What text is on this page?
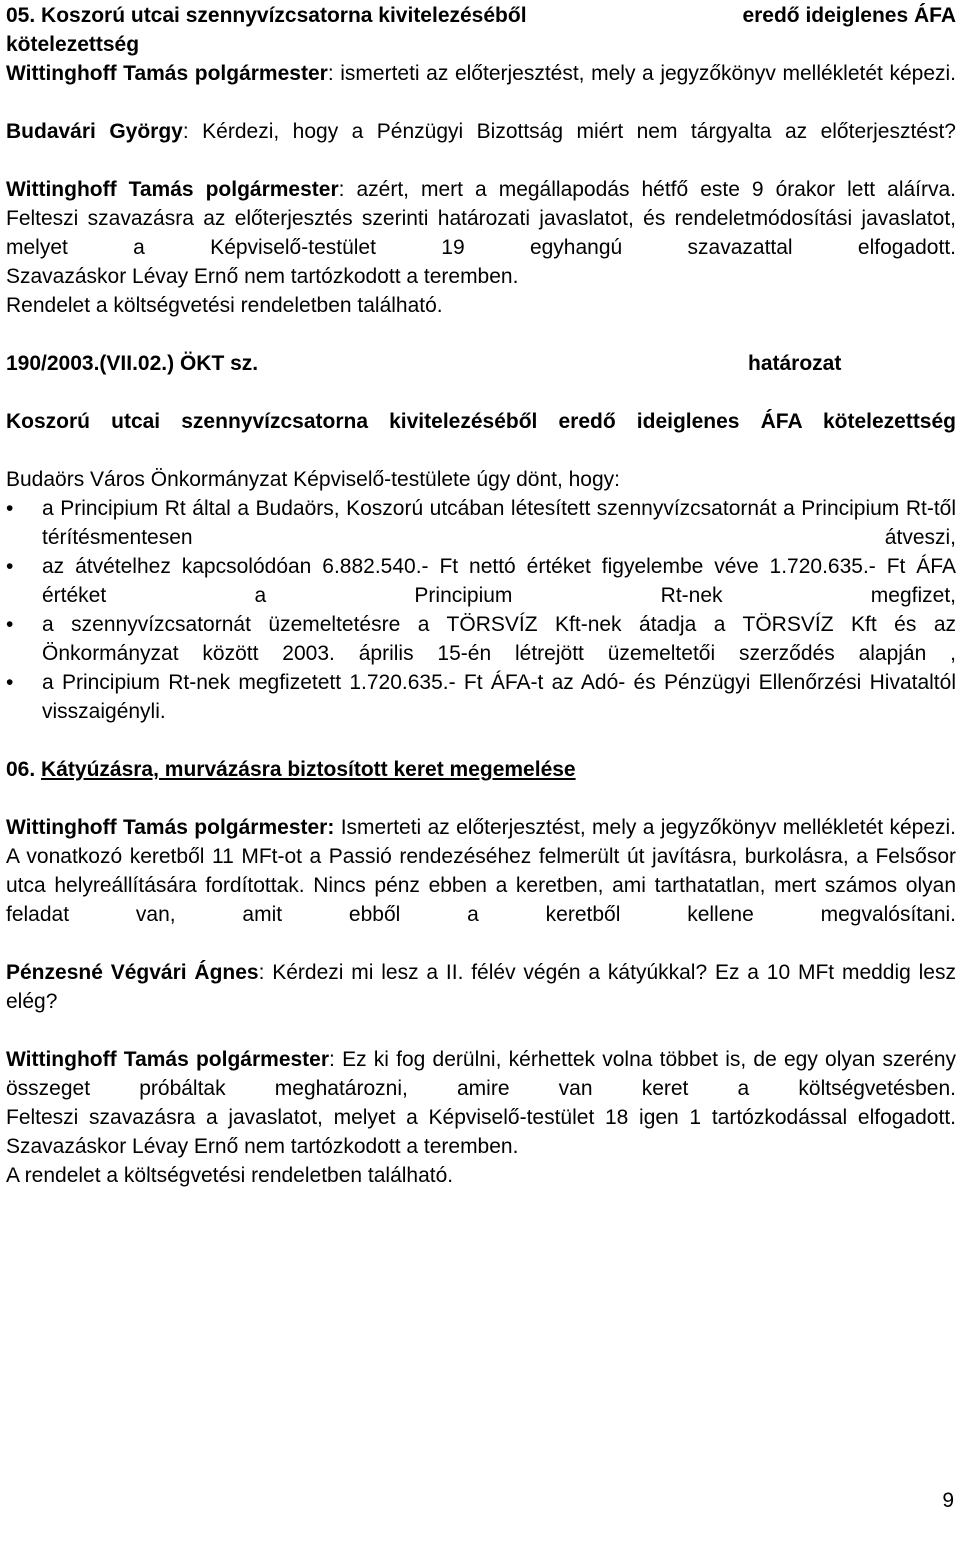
05. Koszorú utcai szennyvízcsatorna kivitelezéséből	eredő ideiglenes ÁFA

kötelezettség

Wittinghoff Tamás polgármester: ismerteti az előterjesztést, mely a jegyzőkönyv mellékletét képezi.

Budavári György: Kérdezi, hogy a Pénzügyi Bizottság miért nem tárgyalta az előterjesztést?

Wittinghoff Tamás polgármester: azért, mert a megállapodás hétfő este 9 órakor lett aláírva.

Felteszi szavazásra az előterjesztés szerinti határozati javaslatot, és rendeletmódosítási javaslatot, melyet a Képviselő-testület 19 egyhangú szavazattal elfogadott.

Szavazáskor Lévay Ernő nem tartózkodott a teremben.

Rendelet a költségvetési rendeletben található.

190/2003.(VII.02.) ÖKT sz.	határozat

Koszorú utcai szennyvízcsatorna kivitelezéséből eredő ideiglenes ÁFA kötelezettség

Budaörs Város Önkormányzat Képviselő-testülete úgy dönt, hogy:

• a Principium Rt által a Budaörs, Koszorú utcában létesített szennyvízcsatornát a Principium Rt-től térítésmentesen átveszi,
• az átvételhez kapcsolódóan 6.882.540.- Ft nettó értéket figyelembe véve 1.720.635.- Ft ÁFA értéket a Principium Rt-nek megfizet,
• a szennyvízcsatornát üzemeltetésre a TÖRSVÍZ Kft-nek átadja a TÖRSVÍZ Kft és az Önkormányzat között 2003. április 15-én létrejött üzemeltetői szerződés alapján ,
• a Principium Rt-nek megfizetett 1.720.635.- Ft ÁFA-t az Adó- és Pénzügyi Ellenőrzési Hivataltól visszaigényli.

06. Kátyúzásra, murvázásra biztosított keret megemelése

Wittinghoff Tamás polgármester: Ismerteti az előterjesztést, mely a jegyzőkönyv mellékletét képezi. A vonatkozó keretből 11 MFt-ot a Passió rendezéséhez felmerült út javításra, burkolásra, a Felsősor utca helyreállítására fordítottak. Nincs pénz ebben a keretben, ami tarthatatlan, mert számos olyan feladat van, amit ebből a keretből kellene megvalósítani.

Pénzesné Végvári Ágnes: Kérdezi mi lesz a II. félév végén a kátyúkkal? Ez a 10 MFt meddig lesz elég?

Wittinghoff Tamás polgármester: Ez ki fog derülni, kérhettek volna többet is, de egy olyan szerény összeget próbáltak meghatározni, amire van keret a költségvetésben.

Felteszi szavazásra a javaslatot, melyet a Képviselő-testület 18 igen 1 tartózkodással elfogadott.

Szavazáskor Lévay Ernő nem tartózkodott a teremben.

A rendelet a költségvetési rendeletben található.

9
